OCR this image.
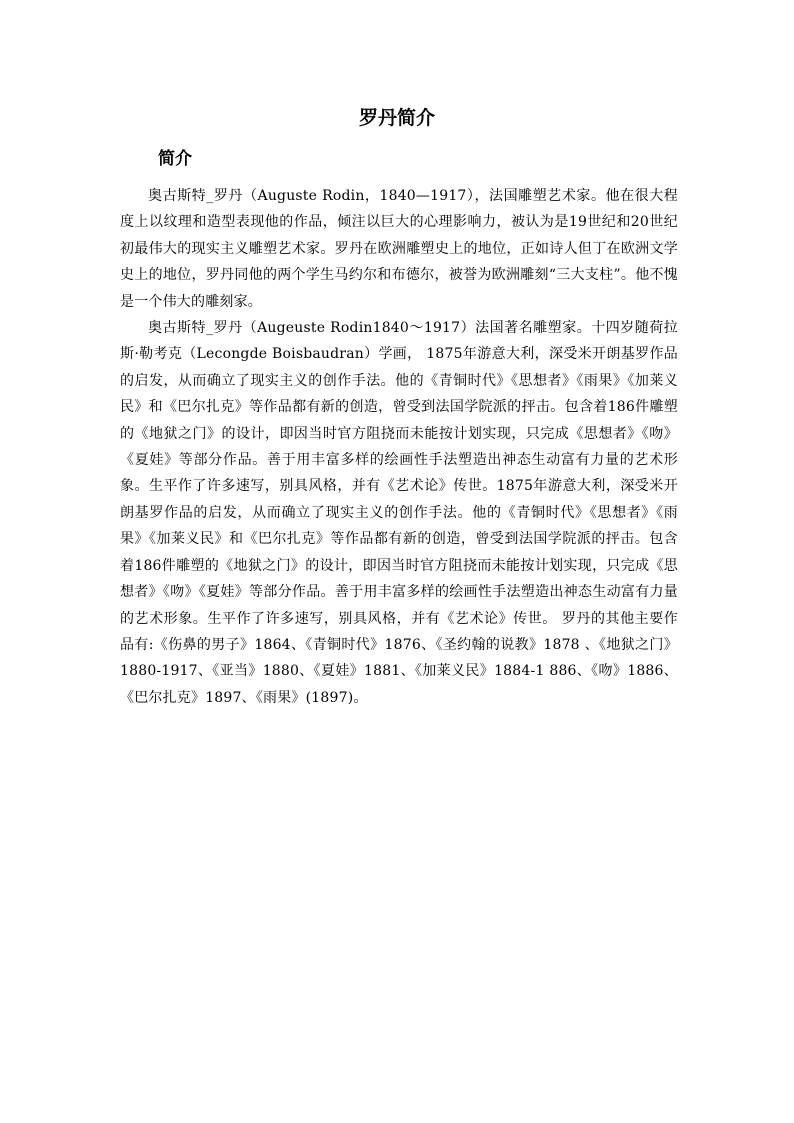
罗丹简介
简介

奥古斯特_罗丹（Auguste Rodin，1840—1917），法国雕塑艺术家。他在很大程度上以纹理和造型表现他的作品，倾注以巨大的心理影响力，被认为是19世纪和20世纪初最伟大的现实主义雕塑艺术家。罗丹在欧洲雕塑史上的地位，正如诗人但丁在欧洲文学史上的地位，罗丹同他的两个学生马约尔和布德尔，被誉为欧洲雕刻“三大支柱”。他不愧是一个伟大的雕刻家。

奥古斯特_罗丹（Augeuste Rodin1840～1917）法国著名雕塑家。十四岁随荷拉斯·勒考克（Lecongde Boisbaudran）学画， 1875年游意大利，深受米开朗基罗作品的启发，从而确立了现实主义的创作手法。他的《青铜时代》《思想者》《雨果》《加莱义民》和《巴尔扎克》等作品都有新的创造，曾受到法国学院派的抨击。包含着186件雕塑的《地狱之门》的设计，即因当时官方阻挠而未能按计划实现，只完成《思想者》《吻》《夏娃》等部分作品。善于用丰富多样的绘画性手法塑造出神态生动富有力量的艺术形象。生平作了许多速写，别具风格，并有《艺术论》传世。1875年游意大利，深受米开朗基罗作品的启发，从而确立了现实主义的创作手法。他的《青铜时代》《思想者》《雨果》《加莱义民》和《巴尔扎克》等作品都有新的创造，曾受到法国学院派的抨击。包含着186件雕塑的《地狱之门》的设计，即因当时官方阻挠而未能按计划实现，只完成《思想者》《吻》《夏娃》等部分作品。善于用丰富多样的绘画性手法塑造出神态生动富有力量的艺术形象。生平作了许多速写，别具风格，并有《艺术论》传世。 罗丹的其他主要作品有:《伤鼻的男子》1864、《青铜时代》1876、《圣约翰的说教》1878 、《地狱之门》1880-1917、《亚当》1880、《夏娃》1881、《加莱义民》1884-1 886、《吻》1886、《巴尔扎克》1897、《雨果》(1897)。
